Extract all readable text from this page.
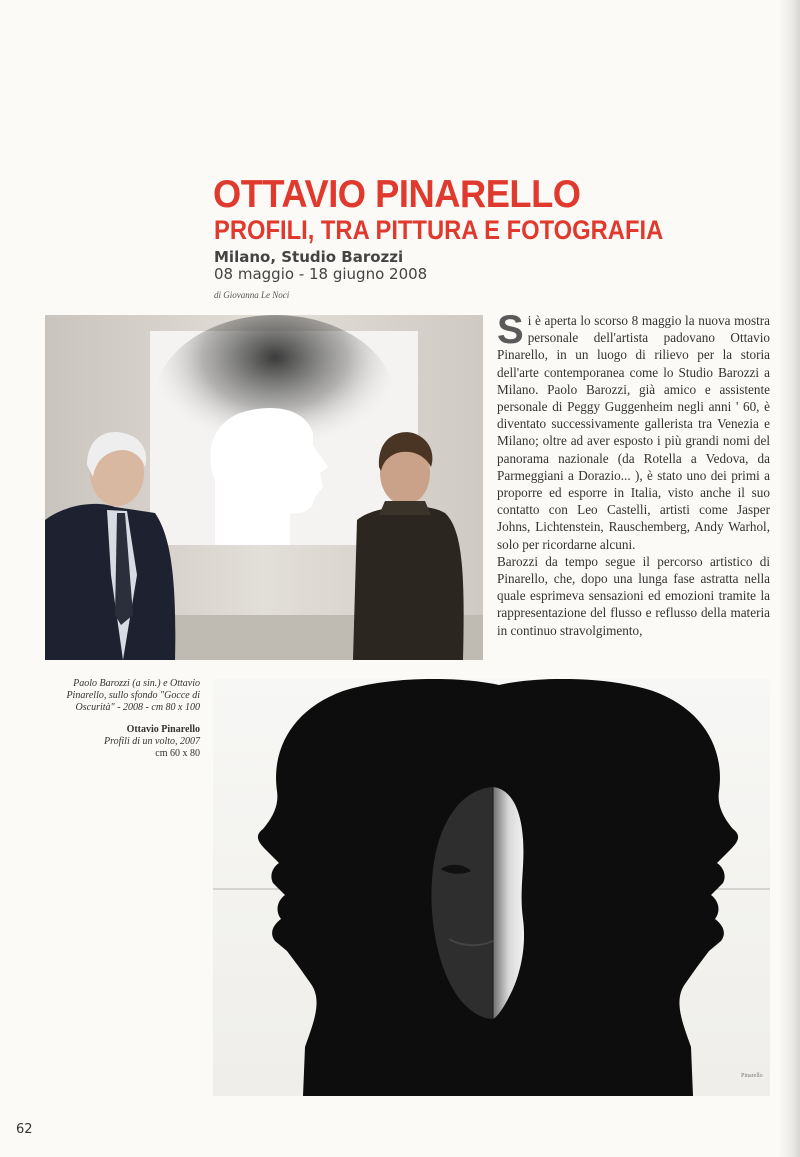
OTTAVIO PINARELLO
PROFILI, TRA PITTURA E FOTOGRAFIA
Milano, Studio Barozzi
08 maggio - 18 giugno 2008
di Giovanna Le Noci

Si è aperta lo scorso 8 maggio la nuova mostra personale dell'artista padovano Ottavio Pinarello, in un luogo di rilievo per la storia dell'arte contemporanea come lo Studio Barozzi a Milano. Paolo Barozzi, già amico e assistente personale di Peggy Guggenheim negli anni ' 60, è diventato successivamente gallerista tra Venezia e Milano; oltre ad aver esposto i più grandi nomi del panorama nazionale (da Rotella a Vedova, da Parmeggiani a Dorazio... ), è stato uno dei primi a proporre ed esporre in Italia, visto anche il suo contatto con Leo Castelli, artisti come Jasper Johns, Lichtenstein, Rauschemberg, Andy Warhol, solo per ricordarne alcuni.

Barozzi da tempo segue il percorso artistico di Pinarello, che, dopo una lunga fase astratta nella quale esprimeva sensazioni ed emozioni tramite la rappresentazione del flusso e reflusso della materia in continuo stravolgimento,

Paolo Barozzi (a sin.) e Ottavio Pinarello, sullo sfondo "Gocce di Oscurità" - 2008 - cm 80 x 100

Ottavio Pinarello

Profili di un volto, 2007

cm 60 x 80

Pinarello
62
